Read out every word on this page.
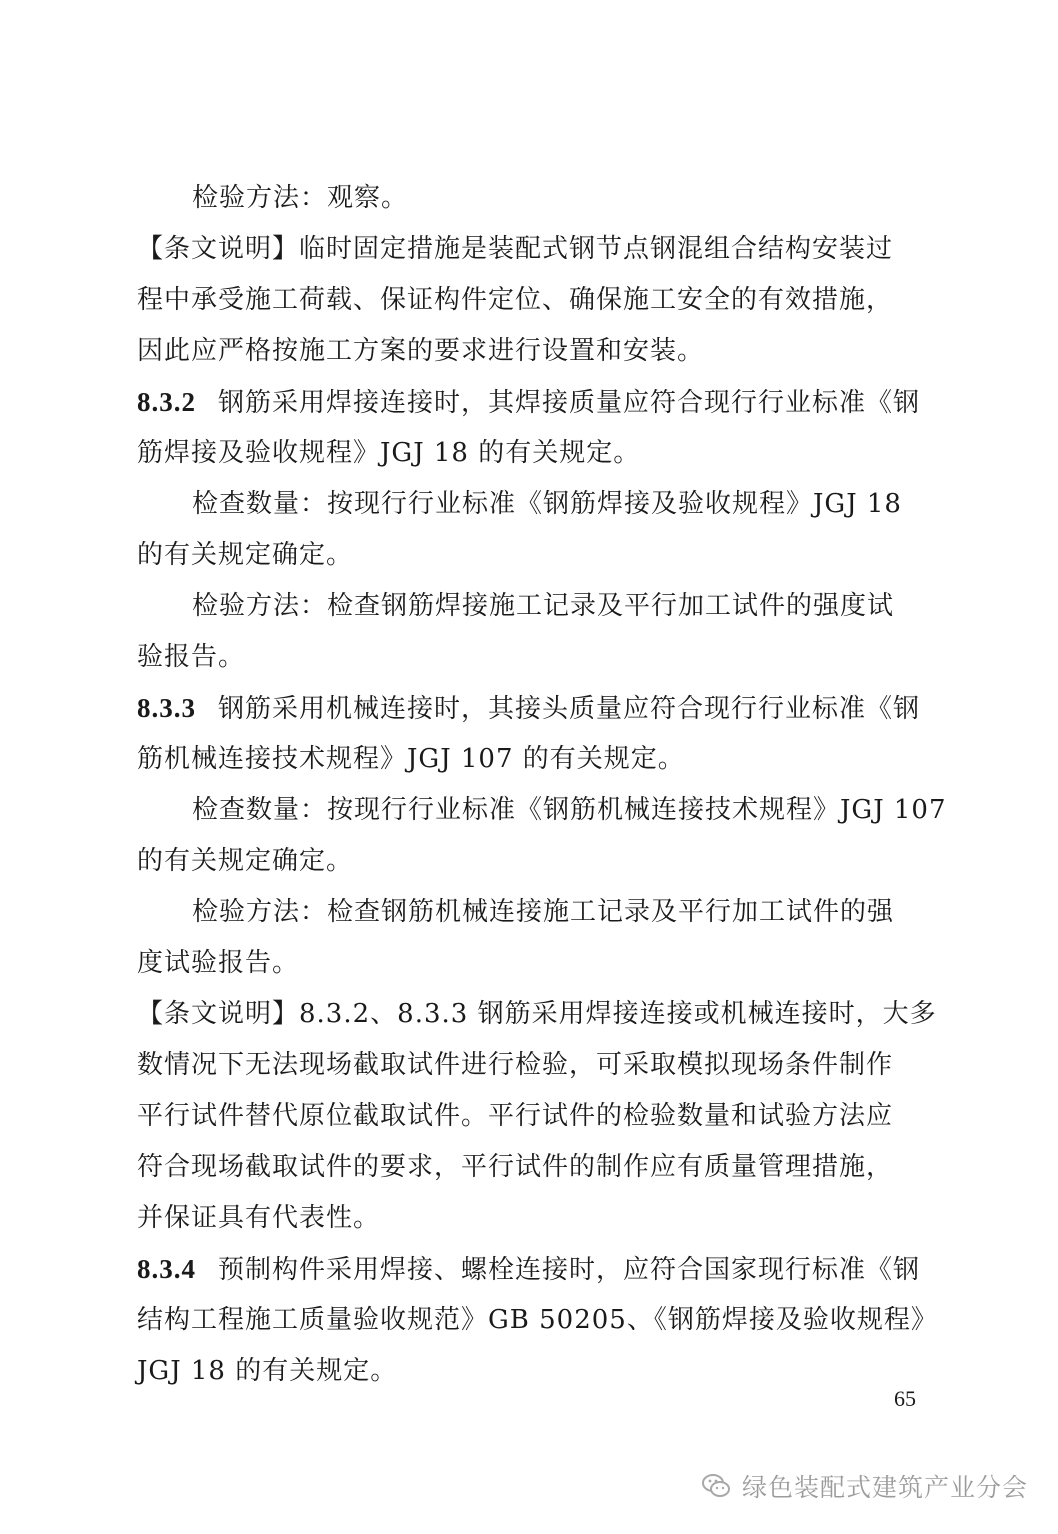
检验方法：观察。
【条文说明】临时固定措施是装配式钢节点钢混组合结构安装过
程中承受施工荷载、保证构件定位、确保施工安全的有效措施，
因此应严格按施工方案的要求进行设置和安装。
8.3.2 钢筋采用焊接连接时，其焊接质量应符合现行行业标准《钢
筋焊接及验收规程》JGJ 18 的有关规定。
检查数量：按现行行业标准《钢筋焊接及验收规程》JGJ 18
的有关规定确定。
检验方法：检查钢筋焊接施工记录及平行加工试件的强度试
验报告。
8.3.3 钢筋采用机械连接时，其接头质量应符合现行行业标准《钢
筋机械连接技术规程》JGJ 107 的有关规定。
检查数量：按现行行业标准《钢筋机械连接技术规程》JGJ 107
的有关规定确定。
检验方法：检查钢筋机械连接施工记录及平行加工试件的强
度试验报告。
【条文说明】8.3.2、8.3.3 钢筋采用焊接连接或机械连接时，大多
数情况下无法现场截取试件进行检验，可采取模拟现场条件制作
平行试件替代原位截取试件。平行试件的检验数量和试验方法应
符合现场截取试件的要求，平行试件的制作应有质量管理措施，
并保证具有代表性。
8.3.4 预制构件采用焊接、螺栓连接时，应符合国家现行标准《钢
结构工程施工质量验收规范》GB 50205、《钢筋焊接及验收规程》
JGJ 18 的有关规定。
65
绿色装配式建筑产业分会
